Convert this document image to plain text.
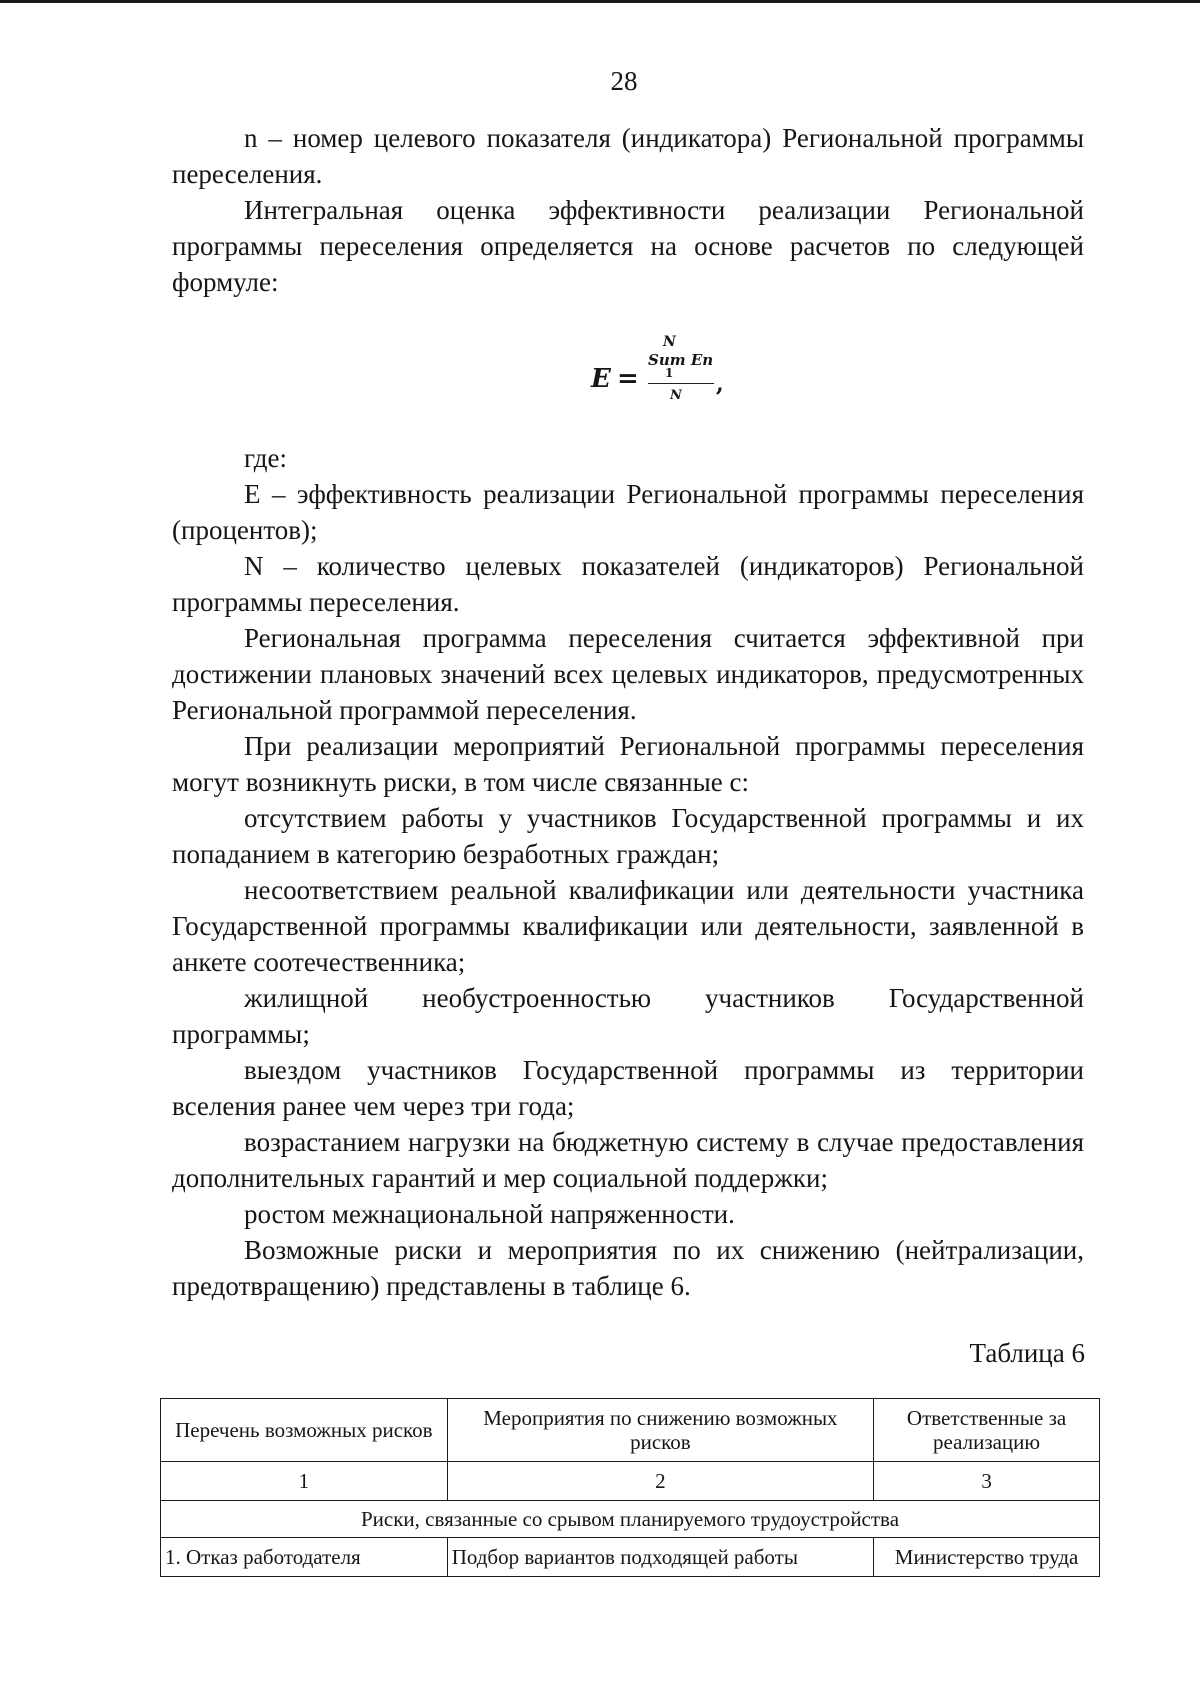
28

n – номер целевого показателя (индикатора) Региональной программы переселения.

Интегральная оценка эффективности реализации Региональной программы переселения определяется на основе расчетов по следующей формуле:

E =
N
Sum En
1
N ,

где:

E – эффективность реализации Региональной программы переселения (процентов);

N – количество целевых показателей (индикаторов) Региональной программы переселения.

Региональная программа переселения считается эффективной при достижении плановых значений всех целевых индикаторов, предусмотренных Региональной программой переселения.

При реализации мероприятий Региональной программы переселения могут возникнуть риски, в том числе связанные с:

отсутствием работы у участников Государственной программы и их попаданием в категорию безработных граждан;

несоответствием реальной квалификации или деятельности участника Государственной программы квалификации или деятельности, заявленной в анкете соотечественника;

жилищной необустроенностью участников Государственной программы;

выездом участников Государственной программы из территории вселения ранее чем через три года;

возрастанием нагрузки на бюджетную систему в случае предоставления дополнительных гарантий и мер социальной поддержки;

ростом межнациональной напряженности.

Возможные риски и мероприятия по их снижению (нейтрализации, предотвращению) представлены в таблице 6.

Таблица 6
Перечень возможных рисков	Мероприятия по снижению возможных рисков	Ответственные за реализацию
1	2	3
Риски, связанные со срывом планируемого трудоустройства		
1. Отказ работодателя	Подбор вариантов подходящей работы	Министерство труда
